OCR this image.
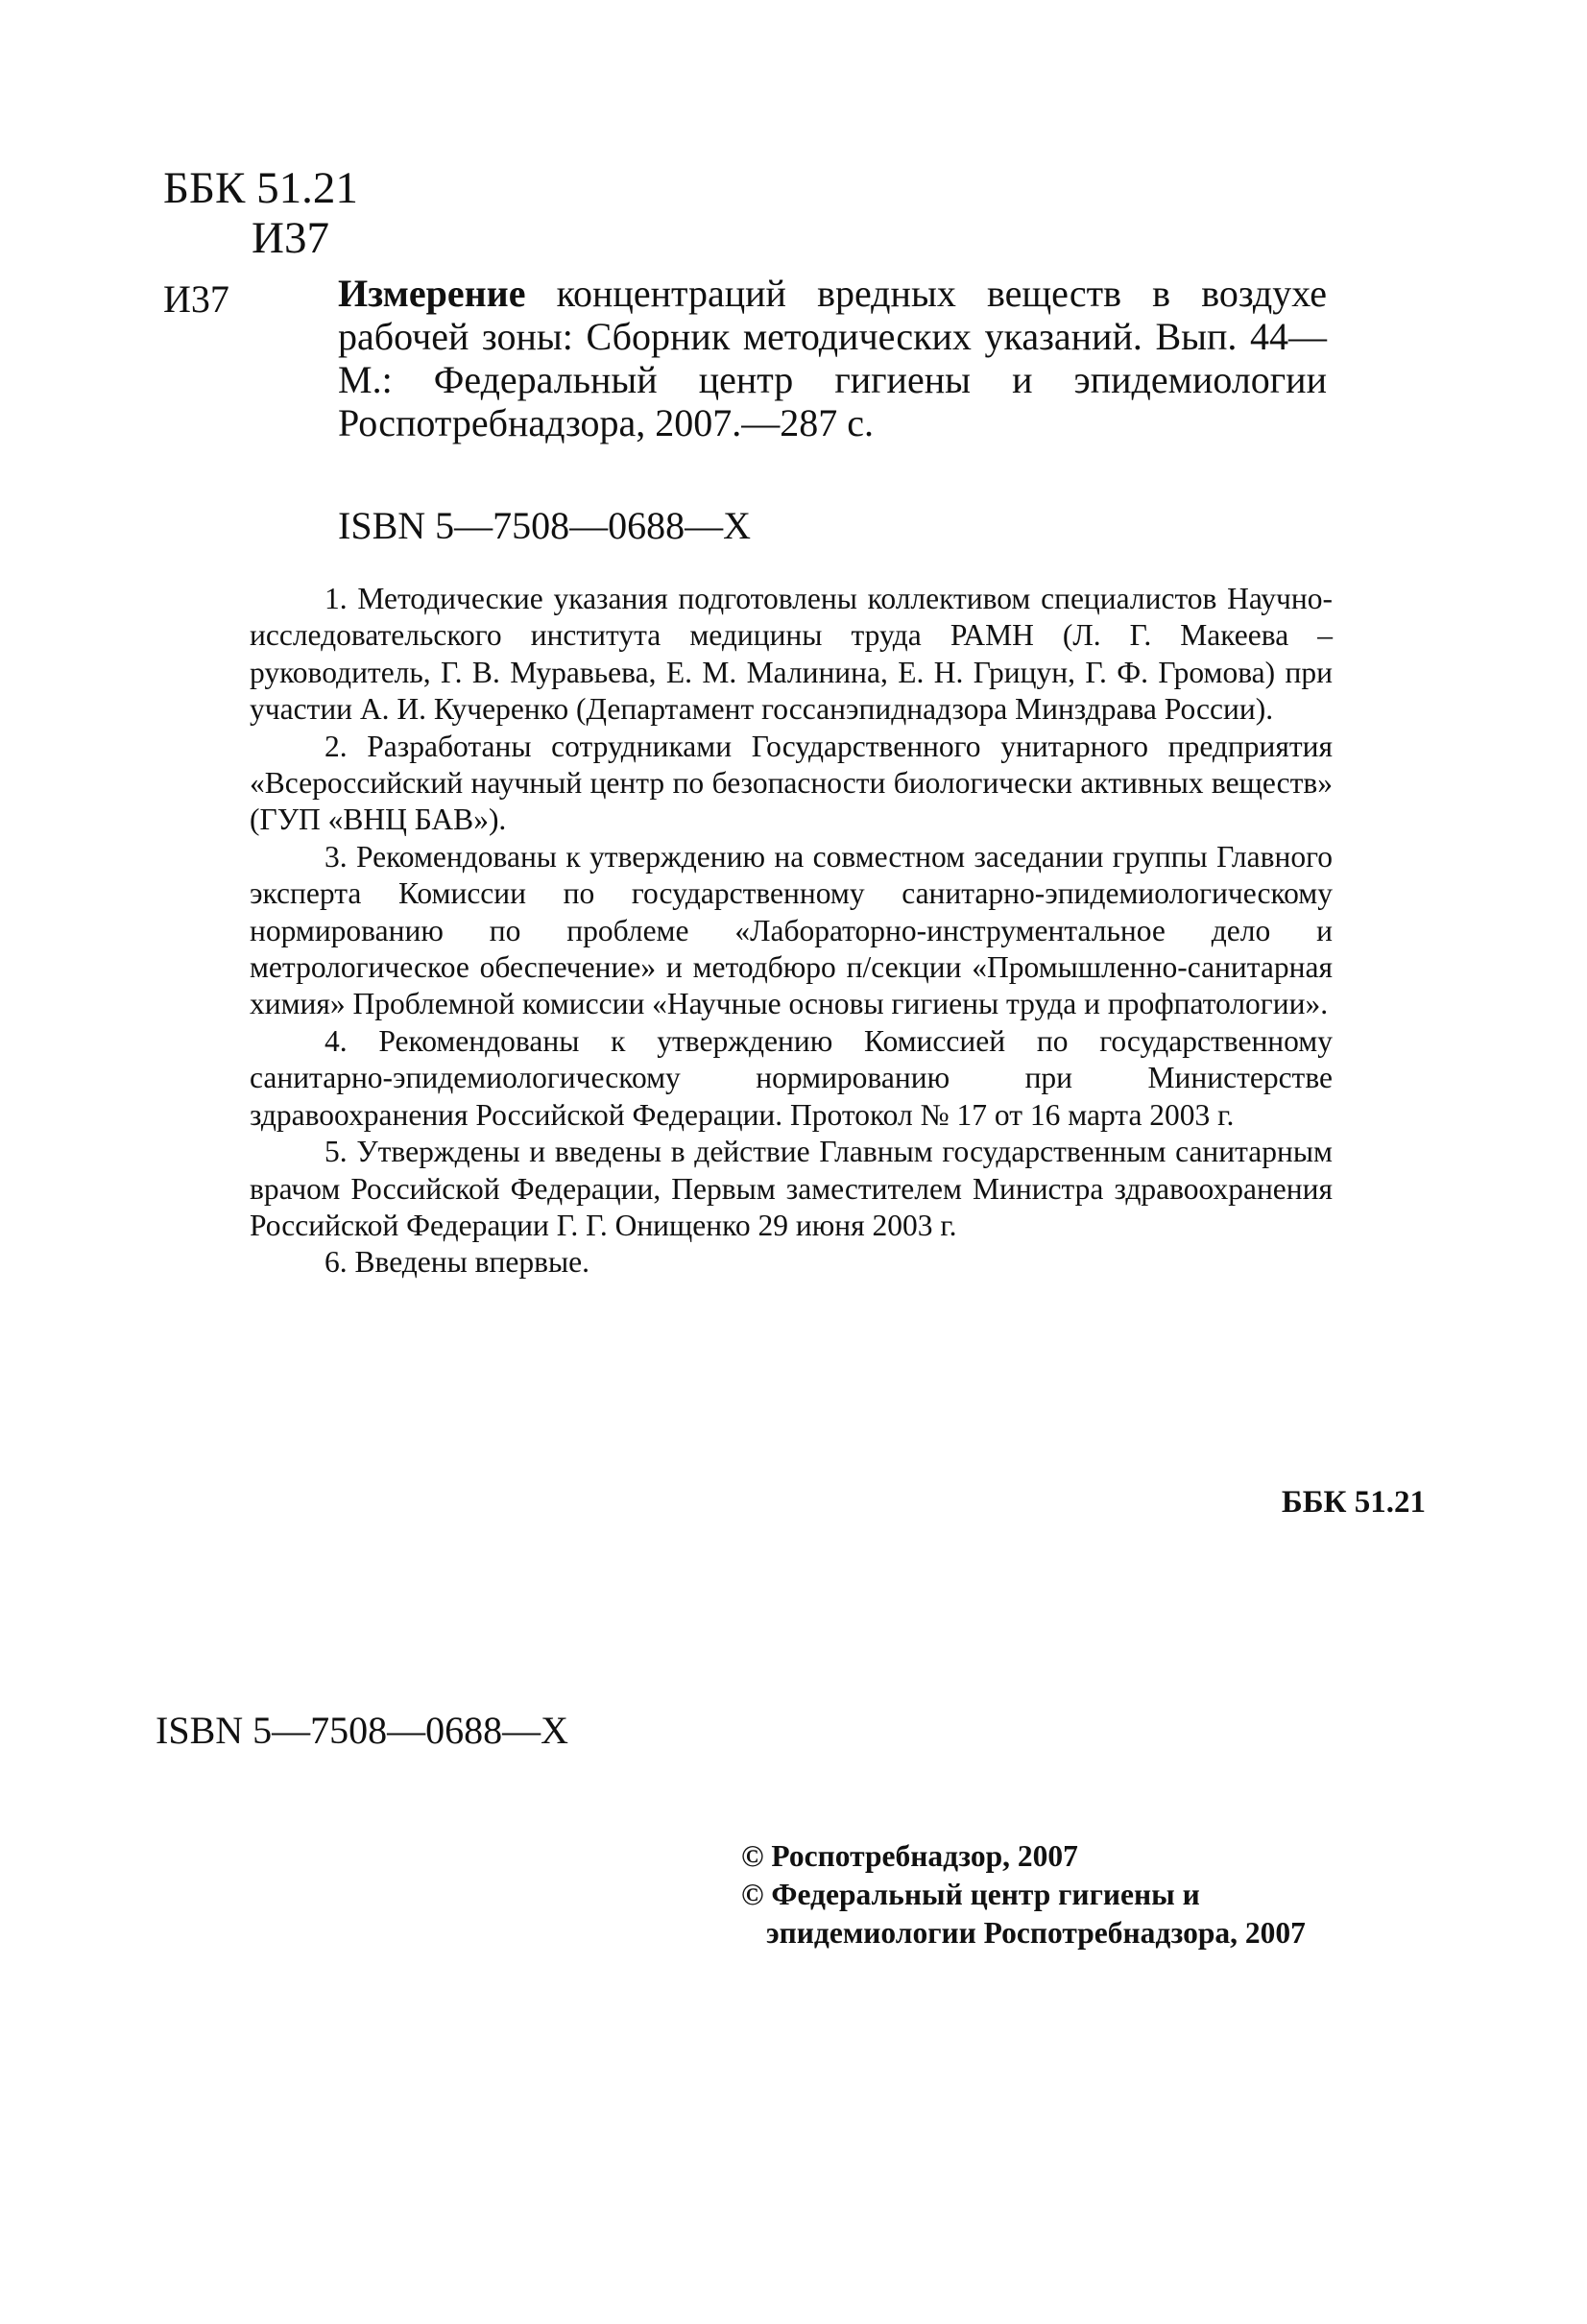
ББК 51.21
И37
И37	Измерение концентраций вредных веществ в воздухе рабочей зоны: Сборник методических указаний. Вып. 44— М.: Федеральный центр гигиены и эпидемиологии Роспотребнадзора, 2007.—287 с.

ISBN 5—7508—0688—X
1. Методические указания подготовлены коллективом специалистов Научно-исследовательского института медицины труда РАМН (Л. Г. Макеева – руководитель, Г. В. Муравьева, Е. М. Малинина, Е. Н. Грицун, Г. Ф. Громова) при участии А. И. Кучеренко (Департамент госсанэпиднадзора Минздрава России).
2. Разработаны сотрудниками Государственного унитарного предприятия «Всероссийский научный центр по безопасности биологически активных веществ» (ГУП «ВНЦ БАВ»).
3. Рекомендованы к утверждению на совместном заседании группы Главного эксперта Комиссии по государственному санитарно-эпидемиологическому нормированию по проблеме «Лабораторно-инструментальное дело и метрологическое обеспечение» и методбюро п/секции «Промышленно-санитарная химия» Проблемной комиссии «Научные основы гигиены труда и профпатологии».
4. Рекомендованы к утверждению Комиссией по государственному санитарно-эпидемиологическому нормированию при Министерстве здравоохранения Российской Федерации. Протокол № 17 от 16 марта 2003 г.
5. Утверждены и введены в действие Главным государственным санитарным врачом Российской Федерации, Первым заместителем Министра здравоохранения Российской Федерации Г. Г. Онищенко 29 июня 2003 г.
6. Введены впервые.
ББК 51.21
ISBN 5—7508—0688—X
© Роспотребнадзор, 2007
© Федеральный центр гигиены и
эпидемиологии Роспотребнадзора, 2007
